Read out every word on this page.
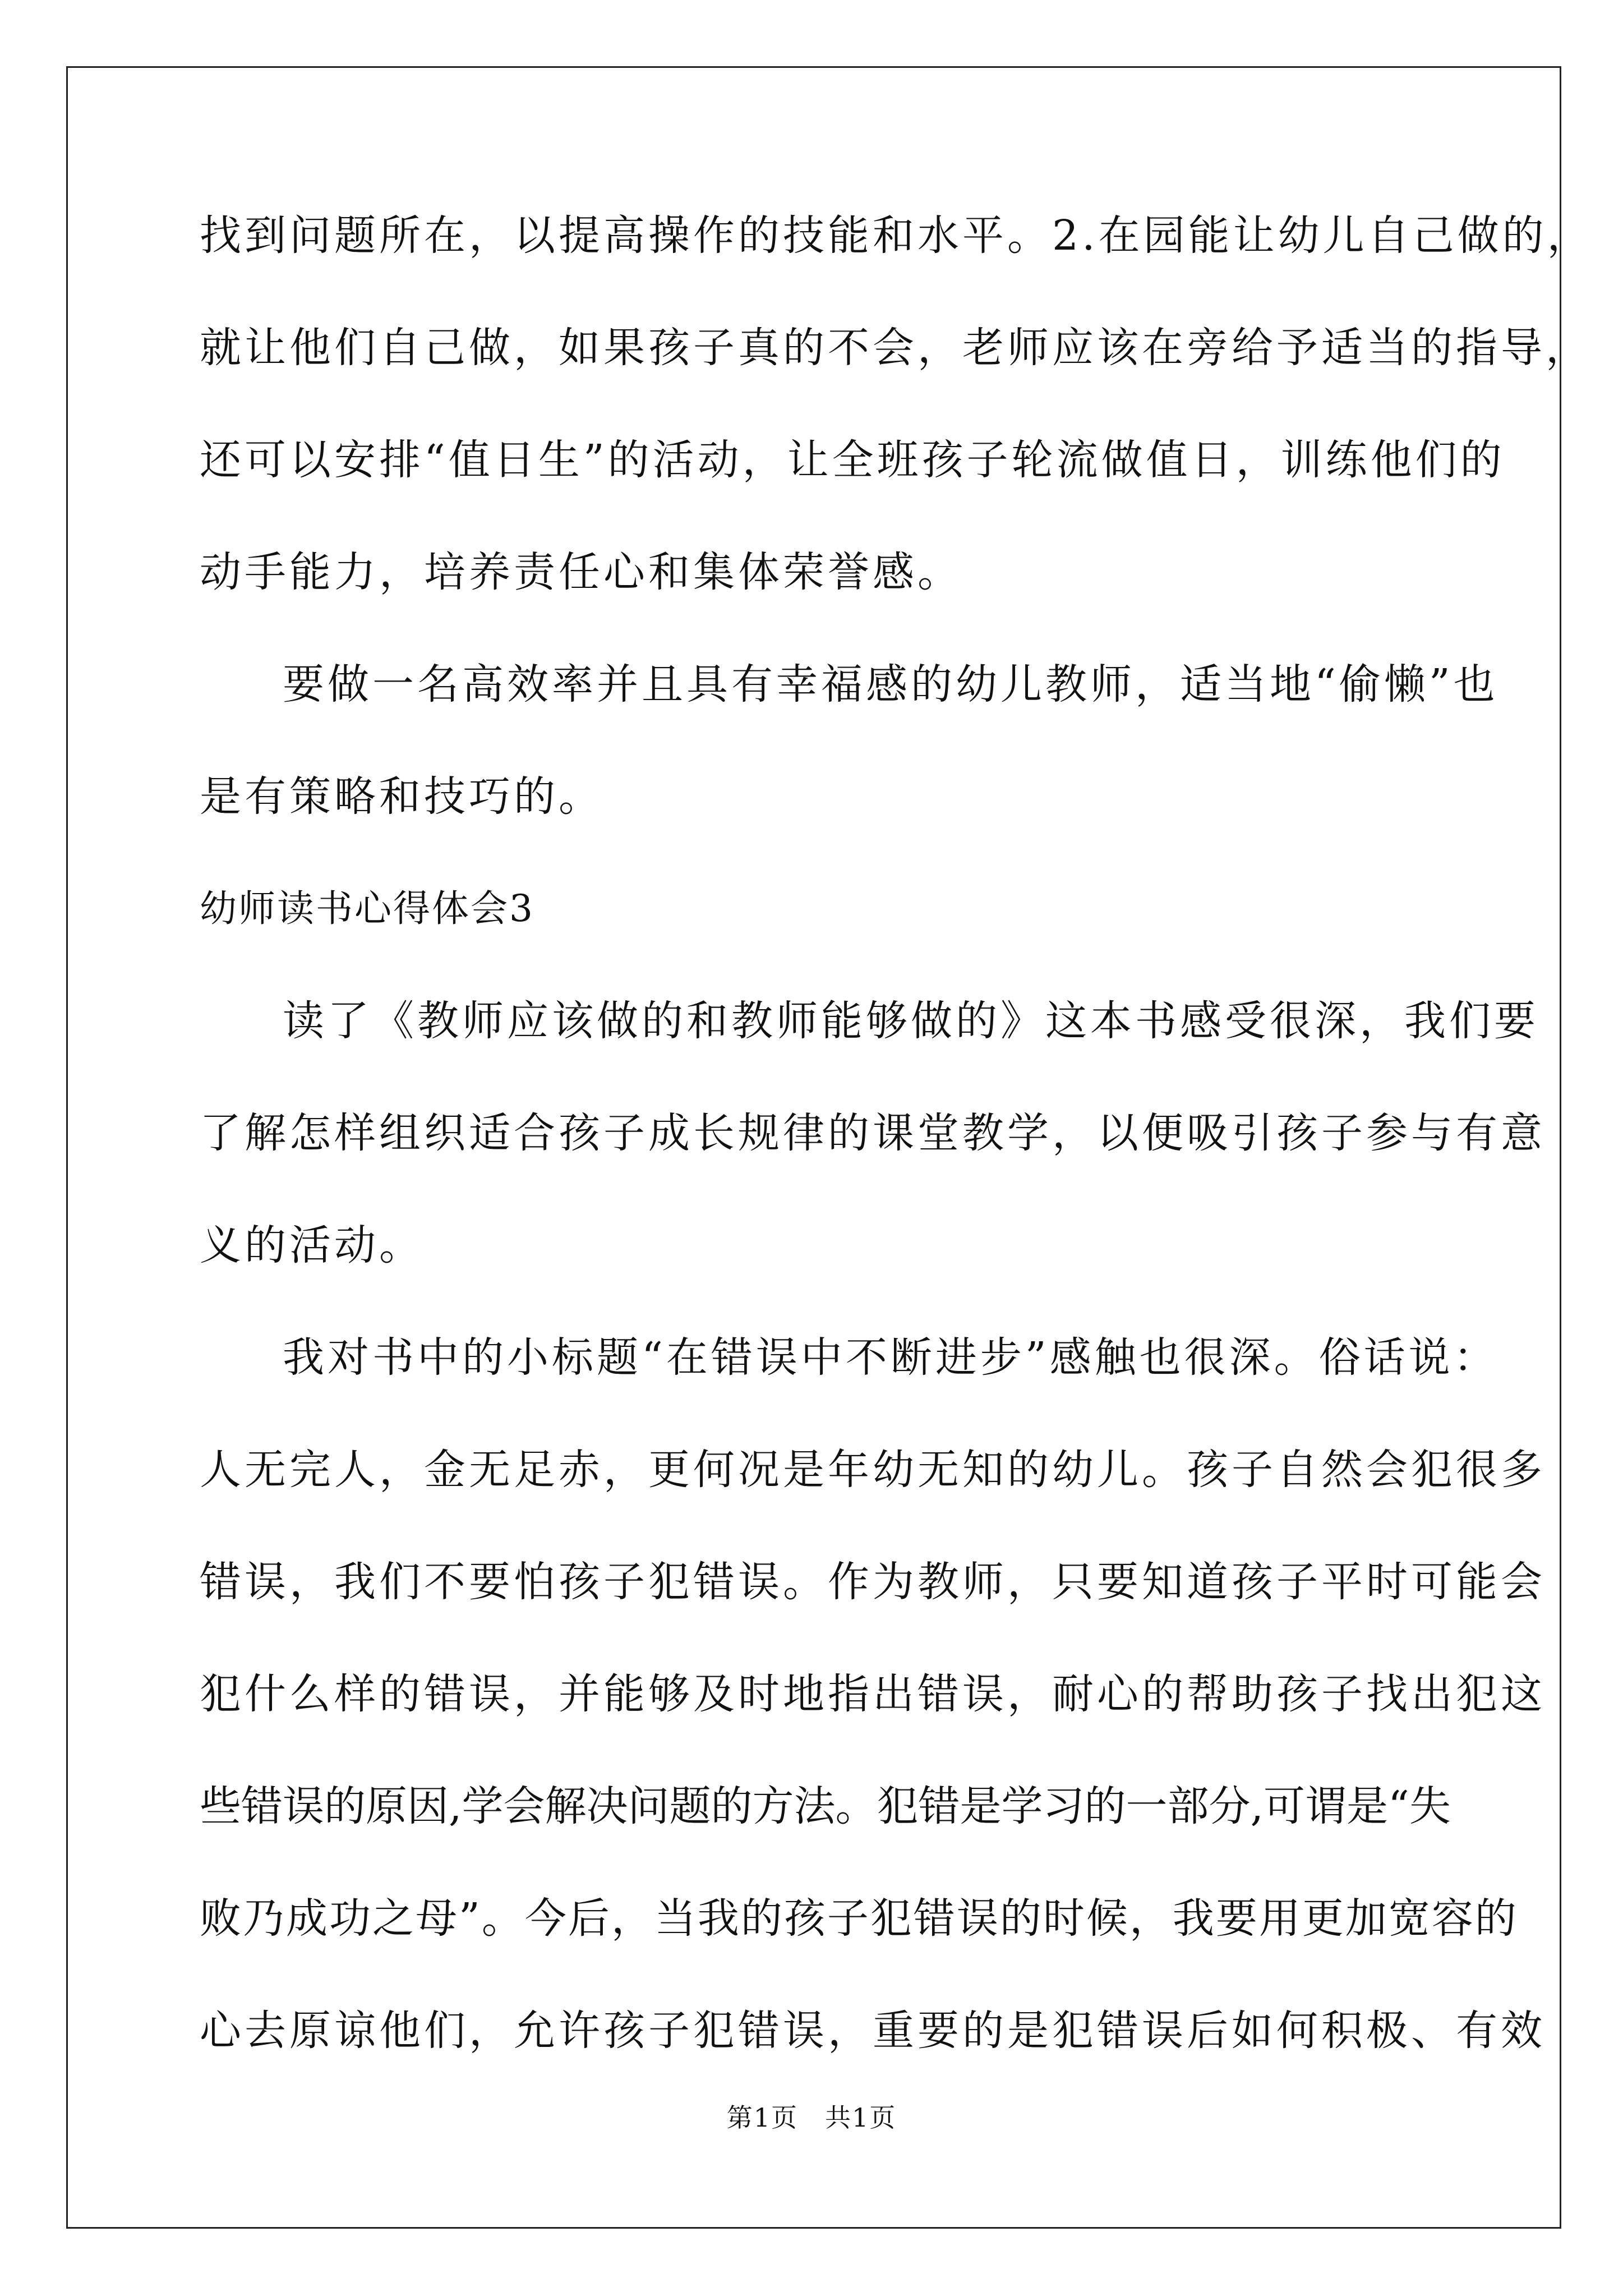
找到问题所在，以提高操作的技能和水平。2.在园能让幼儿自己做的，
就让他们自己做，如果孩子真的不会，老师应该在旁给予适当的指导，
还可以安排“值日生”的活动，让全班孩子轮流做值日，训练他们的
动手能力，培养责任心和集体荣誉感。
要做一名高效率并且具有幸福感的幼儿教师，适当地“偷懒”也
是有策略和技巧的。
幼师读书心得体会3
读了《教师应该做的和教师能够做的》这本书感受很深，我们要
了解怎样组织适合孩子成长规律的课堂教学，以便吸引孩子参与有意
义的活动。
我对书中的小标题“在错误中不断进步”感触也很深。俗话说：
人无完人，金无足赤，更何况是年幼无知的幼儿。孩子自然会犯很多
错误，我们不要怕孩子犯错误。作为教师，只要知道孩子平时可能会
犯什么样的错误，并能够及时地指出错误，耐心的帮助孩子找出犯这
些错误的原因,学会解决问题的方法。犯错是学习的一部分,可谓是“失
败乃成功之母”。今后，当我的孩子犯错误的时候，我要用更加宽容的
心去原谅他们，允许孩子犯错误，重要的是犯错误后如何积极、有效
第1页　共1页
